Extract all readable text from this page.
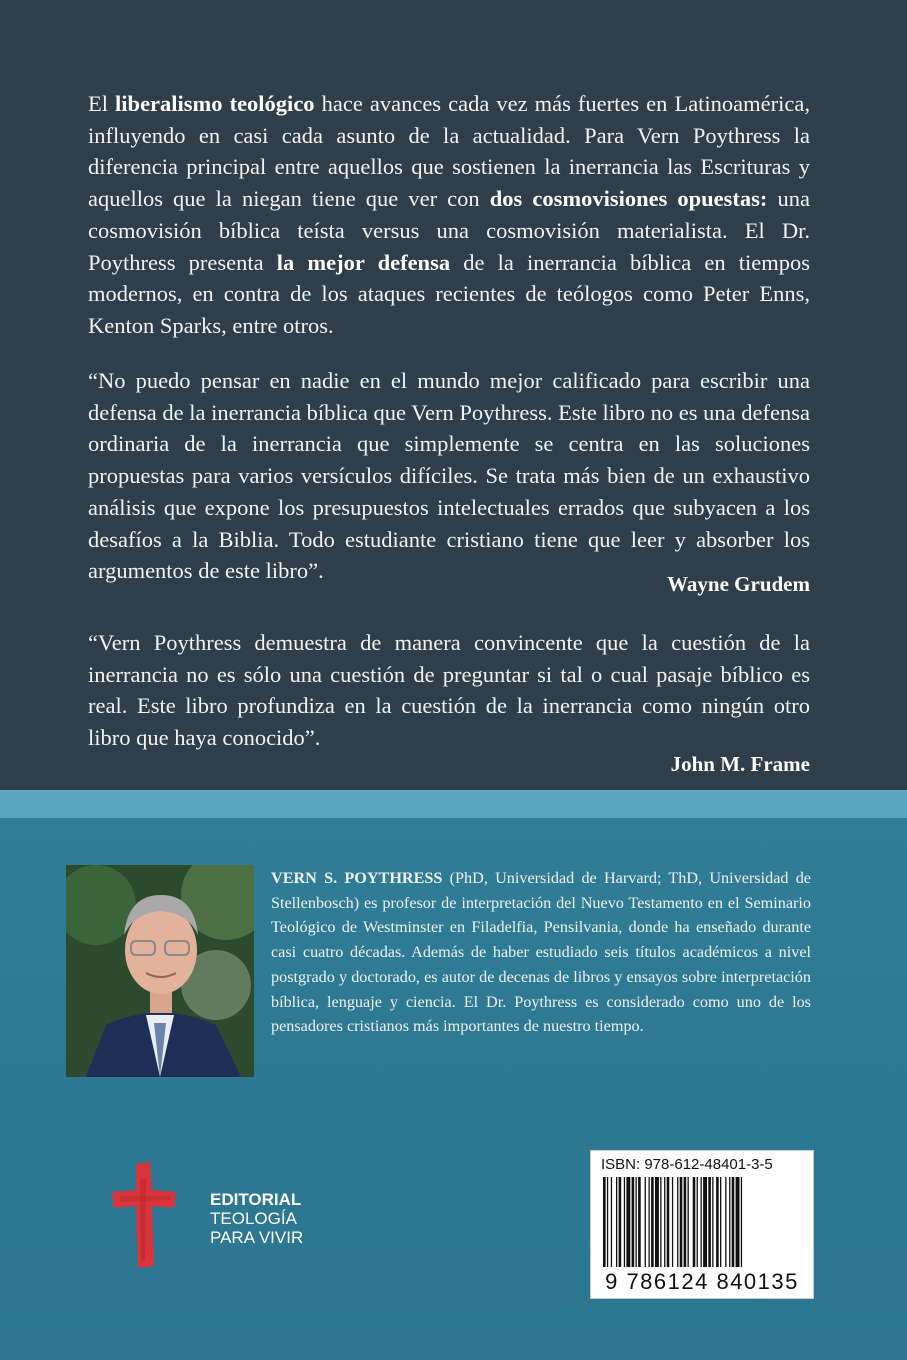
El liberalismo teológico hace avances cada vez más fuertes en Latinoamérica, influyendo en casi cada asunto de la actualidad. Para Vern Poythress la diferencia principal entre aquellos que sostienen la inerrancia las Escrituras y aquellos que la niegan tiene que ver con dos cosmovisiones opuestas: una cosmovisión bíblica teísta versus una cosmovisión materialista. El Dr. Poythress presenta la mejor defensa de la inerrancia bíblica en tiempos modernos, en contra de los ataques recientes de teólogos como Peter Enns, Kenton Sparks, entre otros.

“No puedo pensar en nadie en el mundo mejor calificado para escribir una defensa de la inerrancia bíblica que Vern Poythress. Este libro no es una defensa ordinaria de la inerrancia que simplemente se centra en las soluciones propuestas para varios versículos difíciles. Se trata más bien de un exhaustivo análisis que expone los presupuestos intelectuales errados que subyacen a los desafíos a la Biblia. Todo estudiante cristiano tiene que leer y absorber los argumentos de este libro”.

Wayne Grudem

“Vern Poythress demuestra de manera convincente que la cuestión de la inerrancia no es sólo una cuestión de preguntar si tal o cual pasaje bíblico es real. Este libro profundiza en la cuestión de la inerrancia como ningún otro libro que haya conocido”.

John M. Frame

VERN S. POYTHRESS (PhD, Universidad de Harvard; ThD, Universidad de Stellenbosch) es profesor de interpretación del Nuevo Testamento en el Seminario Teológico de Westminster en Filadelfia, Pensilvania, donde ha enseñado durante casi cuatro décadas. Además de haber estudiado seis títulos académicos a nivel postgrado y doctorado, es autor de decenas de libros y ensayos sobre interpretación bíblica, lenguaje y ciencia. El Dr. Poythress es considerado como uno de los pensadores cristianos más importantes de nuestro tiempo.

EDITORIAL
TEOLOGÍA
PARA VIVIR

ISBN: 978-612-48401-3-5
9 786124 840135
